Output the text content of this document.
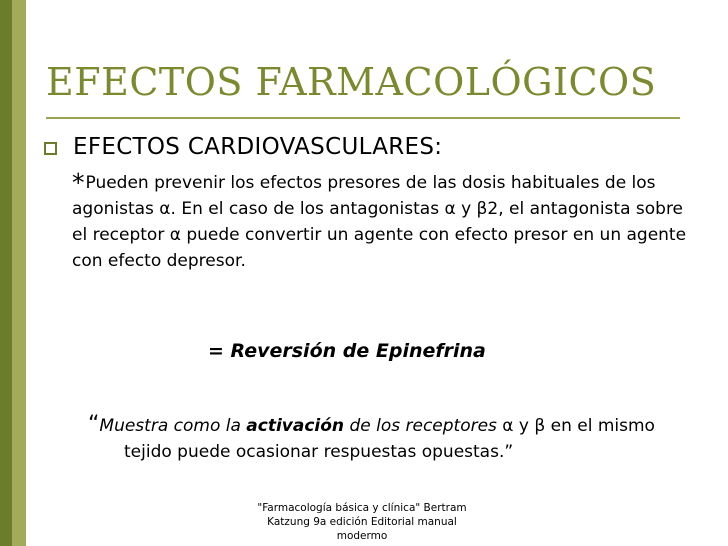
EFECTOS FARMACOLÓGICOS
EFECTOS CARDIOVASCULARES:
*Pueden prevenir los efectos presores de las dosis habituales de los agonistas α. En el caso de los antagonistas α y β2, el antagonista sobre el receptor α puede convertir un agente con efecto presor en un agente con efecto depresor.
= Reversión de Epinefrina
“Muestra como la activación de los receptores α y β en el mismo tejido puede ocasionar respuestas opuestas.”
"Farmacología básica y clínica" Bertram Katzung 9a edición Editorial manual modermo
